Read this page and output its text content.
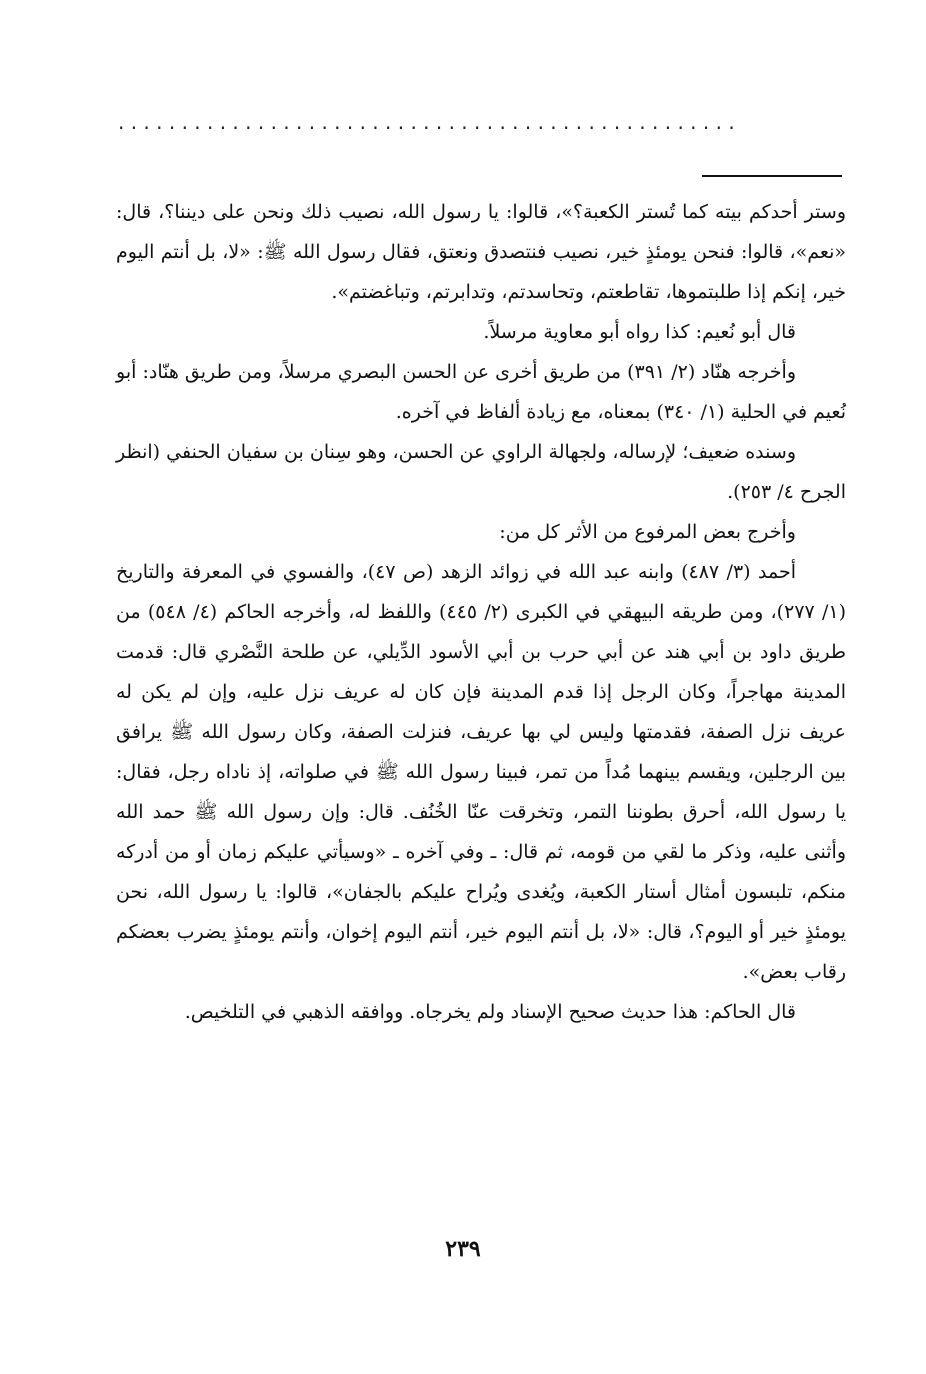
. . . . . . . . . . . . . . . . . . . . . . . . . . . . . . . . . . . . . . . . . . . . . . . . .

وستر أحدكم بيته كما تُستر الكعبة؟»، قالوا: يا رسول الله، نصيب ذلك ونحن على ديننا؟، قال: «نعم»، قالوا: فنحن يومئذٍ خير، نصيب فنتصدق ونعتق، فقال رسول الله ﷺ: «لا، بل أنتم اليوم خير، إنكم إذا طلبتموها، تقاطعتم، وتحاسدتم، وتدابرتم، وتباغضتم».

قال أبو نُعيم: كذا رواه أبو معاوية مرسلاً.

وأخرجه هنّاد (٢/ ٣٩١) من طريق أخرى عن الحسن البصري مرسلاً، ومن طريق هنّاد: أبو نُعيم في الحلية (١/ ٣٤٠) بمعناه، مع زيادة ألفاظ في آخره.

وسنده ضعيف؛ لإرساله، ولجهالة الراوي عن الحسن، وهو سِنان بن سفيان الحنفي (انظر الجرح ٤/ ٢٥٣).

وأخرج بعض المرفوع من الأثر كل من:

أحمد (٣/ ٤٨٧) وابنه عبد الله في زوائد الزهد (ص ٤٧)، والفسوي في المعرفة والتاريخ (١/ ٢٧٧)، ومن طريقه البيهقي في الكبرى (٢/ ٤٤٥) واللفظ له، وأخرجه الحاكم (٤/ ٥٤٨) من طريق داود بن أبي هند عن أبي حرب بن أبي الأسود الدِّيلي، عن طلحة النَّصْري قال: قدمت المدينة مهاجراً، وكان الرجل إذا قدم المدينة فإن كان له عريف نزل عليه، وإن لم يكن له عريف نزل الصفة، فقدمتها وليس لي بها عريف، فنزلت الصفة، وكان رسول الله ﷺ يرافق بين الرجلين، ويقسم بينهما مُداً من تمر، فبينا رسول الله ﷺ في صلواته، إذ ناداه رجل، فقال: يا رسول الله، أحرق بطوننا التمر، وتخرقت عنّا الخُنُف. قال: وإن رسول الله ﷺ حمد الله وأثنى عليه، وذكر ما لقي من قومه، ثم قال: ـ وفي آخره ـ «وسيأتي عليكم زمان أو من أدركه منكم، تلبسون أمثال أستار الكعبة، ويُغدى ويُراح عليكم بالجفان»، قالوا: يا رسول الله، نحن يومئذٍ خير أو اليوم؟، قال: «لا، بل أنتم اليوم خير، أنتم اليوم إخوان، وأنتم يومئذٍ يضرب بعضكم رقاب بعض».

قال الحاكم: هذا حديث صحيح الإسناد ولم يخرجاه. ووافقه الذهبي في التلخيص.

٢٣٩
